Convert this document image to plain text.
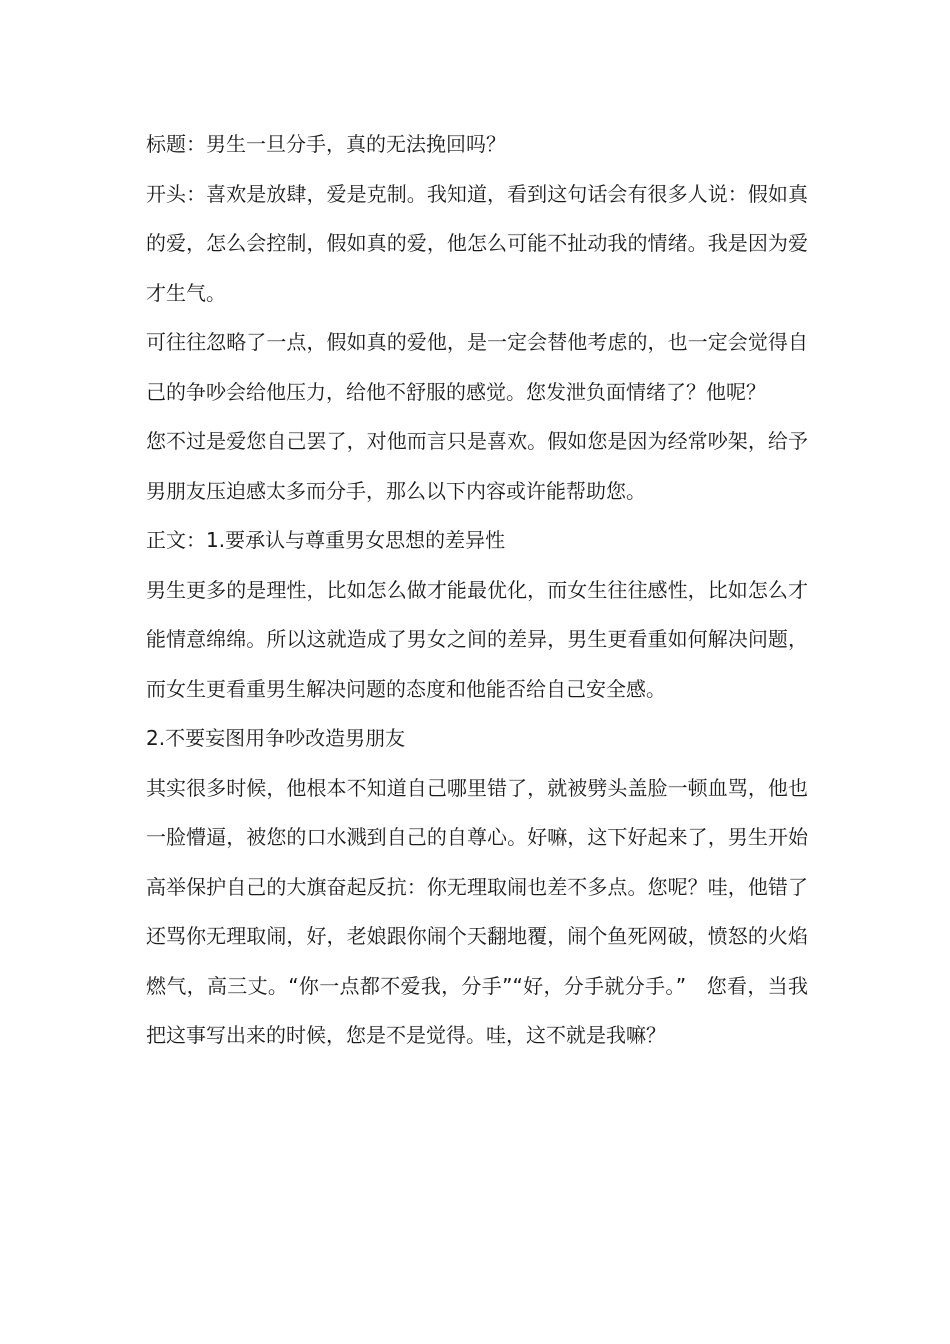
标题：男生一旦分手，真的无法挽回吗？

开头：喜欢是放肆，爱是克制。我知道，看到这句话会有很多人说：假如真的爱，怎么会控制，假如真的爱，他怎么可能不扯动我的情绪。我是因为爱才生气。

可往往忽略了一点，假如真的爱他，是一定会替他考虑的，也一定会觉得自己的争吵会给他压力，给他不舒服的感觉。您发泄负面情绪了？他呢？

您不过是爱您自己罢了，对他而言只是喜欢。假如您是因为经常吵架，给予男朋友压迫感太多而分手，那么以下内容或许能帮助您。

正文：1.要承认与尊重男女思想的差异性

男生更多的是理性，比如怎么做才能最优化，而女生往往感性，比如怎么才能情意绵绵。所以这就造成了男女之间的差异，男生更看重如何解决问题，而女生更看重男生解决问题的态度和他能否给自己安全感。

2.不要妄图用争吵改造男朋友

其实很多时候，他根本不知道自己哪里错了，就被劈头盖脸一顿血骂，他也一脸懵逼，被您的口水溅到自己的自尊心。好嘛，这下好起来了，男生开始高举保护自己的大旗奋起反抗：你无理取闹也差不多点。您呢？哇，他错了还骂你无理取闹，好，老娘跟你闹个天翻地覆，闹个鱼死网破，愤怒的火焰燃气，高三丈。“你一点都不爱我，分手”“好，分手就分手。”　您看，当我把这事写出来的时候，您是不是觉得。哇，这不就是我嘛？
